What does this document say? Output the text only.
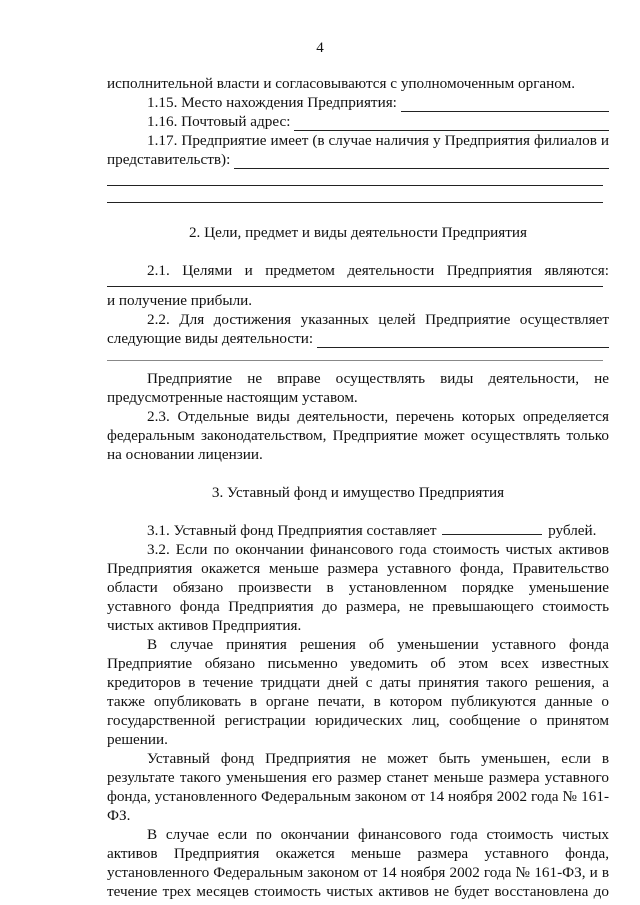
4

исполнительной власти и согласовываются с уполномоченным органом.

1.15. Место нахождения Предприятия:
1.16. Почтовый адрес:

1.17. Предприятие имеет (в случае наличия у Предприятия филиалов и

представительств):

2. Цели, предмет и виды деятельности Предприятия

2.1. Целями и предметом деятельности Предприятия являются:

и получение прибыли.

2.2. Для достижения указанных целей Предприятие осуществляет

следующие виды деятельности:

Предприятие не вправе осуществлять виды деятельности, не предусмотренные настоящим уставом.

2.3. Отдельные виды деятельности, перечень которых определяется федеральным законодательством, Предприятие может осуществлять только на основании лицензии.

3. Уставный фонд и имущество Предприятия

3.1. Уставный фонд Предприятия составляет	рублей.

3.2. Если по окончании финансового года стоимость чистых активов Предприятия окажется меньше размера уставного фонда, Правительство области обязано произвести в установленном порядке уменьшение уставного фонда Предприятия до размера, не превышающего стоимость чистых активов Предприятия.

В случае принятия решения об уменьшении уставного фонда Предприятие обязано письменно уведомить об этом всех известных кредиторов в течение тридцати дней с даты принятия такого решения, а также опубликовать в органе печати, в котором публикуются данные о государственной регистрации юридических лиц, сообщение о принятом решении.

Уставный фонд Предприятия не может быть уменьшен, если в результате такого уменьшения его размер станет меньше размера уставного фонда, установленного Федеральным законом от 14 ноября 2002 года № 161-ФЗ.

В случае если по окончании финансового года стоимость чистых активов Предприятия окажется меньше размера уставного фонда, установленного Федеральным законом от 14 ноября 2002 года № 161-ФЗ, и в течение трех месяцев стоимость чистых активов не будет восстановлена до
